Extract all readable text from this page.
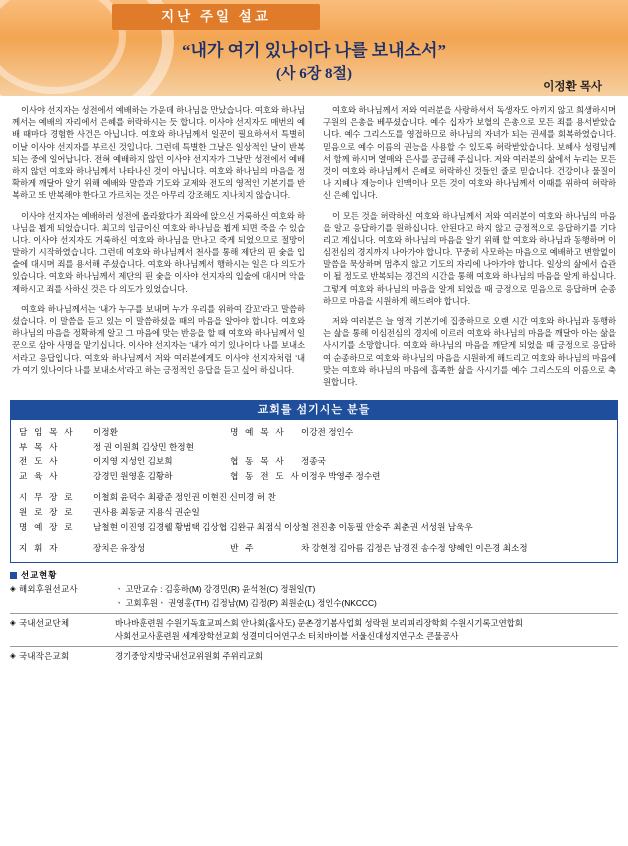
지난 주일 설교
“내가 여기 있나이다 나를 보내소서”
(사 6장 8절)
이정환 목사

이사야 선지자는 성전에서 예배하는 가운데 하나님을 만났습니다. 여호와 하나님께서는 예배의 자리에서 은혜를 허락하시는 듯 합니다. 이사야 선지자도 매번의 예배 때마다 경험한 사건은 아닙니다. 여호와 하나님께서 일꾼이 필요하셔서 특별히 이날 이사야 선지자를 부르신 것입니다. 그런데 특별한 그날은 일상적인 날이 반복되는 중에 일어납니다. 전혀 예배하지 않던 이사야 선지자가 그날만 성전에서 예배하지 않던 여호와 하나님께서 나타나신 것이 아닙니다. 여호와 하나님의 마음을 정확하게 깨달아 알기 위해 예배와 말씀과 기도와 교제와 전도의 영적인 기본기를 반복하고 또 반복해야 한다고 가르치는 것은 아무리 강조해도 지나치지 않습니다.

이사야 선지자는 예배하러 성전에 올라왔다가 죄와에 앉으신 거룩하신 여호와 하나님을 뵙게 되었습니다. 최고의 임금이신 여호와 하나님을 뵙게 되면 죽을 수 있습니다. 이사야 선지자도 거룩하신 여호와 하나님을 만나고 죽게 되었으므로 절망이 말하기 시작하였습니다. 그런데 여호와 하나님께서 천사를 통해 제단의 핀 숯을 입술에 대시며 죄를 용서해 주셨습니다. 여호와 하나님께서 행하시는 일은 다 의도가 있습니다. 여호와 하나님께서 제단의 핀 숯을 이사야 선지자의 입술에 대시며 악을 제하시고 죄를 사하신 것은 다 의도가 있었습니다.

여호와 하나님께서는 ‘내가 누구를 보내며 누가 우리를 위하여 갈꼬’라고 말씀하셨습니다. 이 말씀을 듣고 있는 이 말씀하셨을 때의 마음을 알아야 합니다. 여호와 하나님의 마음을 정확하게 알고 그 마음에 맞는 반응을 할 때 여호와 하나님께서 일꾼으로 삼아 사명을 맡기십니다. 이사야 선지자는 ‘내가 여기 있나이다 나를 보내소서라고 응답입니다. 여호와 하나님께서 저와 여러분에게도 이사야 선지자처럼 ‘내가 여기 있나이다 나를 보내소서’라고 하는 긍정적인 응답을 듣고 싶어 하십니다.

여호와 하나님께서 저와 여러분을 사랑하셔서 독생자도 아끼지 않고 희생하시며 구원의 은총을 베푸셨습니다. 예수 십자가 보혈의 은총으로 모든 죄를 용서받았습니다. 예수 그리스도를 영접하므로 하나님의 자녀가 되는 권세를 회복하였습니다. 믿음으로 예수 이름의 권능을 사용할 수 있도록 허락받았습니다. 보혜사 성령님께서 함께 하시며 열매와 은사를 공급해 주십니다. 저와 여러분의 삶에서 누리는 모든 것이 여호와 하나님께서 은혜로 허락하신 것들인 줄로 믿습니다. 건강이나 물질이나 지혜나 재능이나 인맥이나 모든 것이 여호와 하나님께서 이때를 위하여 허락하신 은혜 입니다.

이 모든 것을 허락하신 여호와 하나님께서 저와 여러분이 여호와 하나님의 마음을 알고 응답하기를 원하십니다. 안된다고 하지 않고 긍정적으로 응답하기를 기다리고 계십니다. 여호와 하나님의 마음을 알기 위해 할 여호와 하나님과 동행하며 이심전심의 경지까지 나아가야 합니다. 꾸중히 사모하는 마음으로 예배하고 변함없이 말씀을 묵상하며 멈추지 않고 기도의 자리에 나아가야 합니다. 일상의 삶에서 습관이 될 정도로 반복되는 경건의 시간을 통해 여호와 하나님의 마음을 알게 하십니다. 그렇게 여호와 하나님의 마음을 알게 되었을 때 긍정으로 믿음으로 응답하며 순종하므로 마음을 시원하게 해드려야 합니다.

저와 여러분은 늘 영적 기본기에 집중하므로 오랜 시간 여호와 하나님과 동행하는 삶을 통해 이심전심의 경지에 이르러 여호와 하나님의 마음을 깨달아 아는 삶을 사시기를 소망합니다. 여호와 하나님의 마음을 깨닫게 되었을 때 긍정으로 응답하여 순종하므로 여호와 하나님의 마음을 시원하게 해드리고 여호와 하나님의 마음에 맞는 여호와 하나님의 마음에 흡족한 삶을 사시기를 예수 그리스도의 이름으로 축원합니다.

교회를 섬기시는 분들
담 임 목 사	이정환	명 예 목 사	이강전 정인수
부 목 사	정 권 이원희 김상민 한정현		
전 도 사	이지영 지성인 김보희	협 동 목 사	정종국
교 육 사	강경민 원영훈 김황하	협 동 전 도 사	이정우 박영주 정수련

시 무 장 로	이철회 윤덕수 최광준 정인권 이현진 신미경 허 찬		
원 로 장 로	권사용 최동균 지용식 권순일		
명 예 장 로	남철현 이진영 김경웰 황범택 김상협 김완규 최점식 이상철 전진총 이동필 안숭주 최춘권 서성원 남욱우		

지 휘 자	장치은 유장성	반 주	차 강현정 김아름 김정은 남경진 송수정 양혜인 이은경 최소정
선교현황
◈ 해외후원선교사	ㆍ 고만교슈 : 김홍하(M) 강경민(R) 윤석천(C) 정원일(T)
ㆍ 고회후원ㆍ 권영홍(TH) 김정남(M) 김정(P) 최원순(L) 정인수(NKCCC)
◈ 국내선교단체	바나바훈련원 수원기독효교피스회 안나회(홀사도) 문촌경기봄사업회 성락원 보리피리장학회 수원시기록고연합회
사회선교사훈련원 세계장학선교회 성결미디어연구소 터치바이블 서울신대성지연구소 큰물공사
◈ 국내작은교회	경기중앙지방국내선교위원회 주위리교회
